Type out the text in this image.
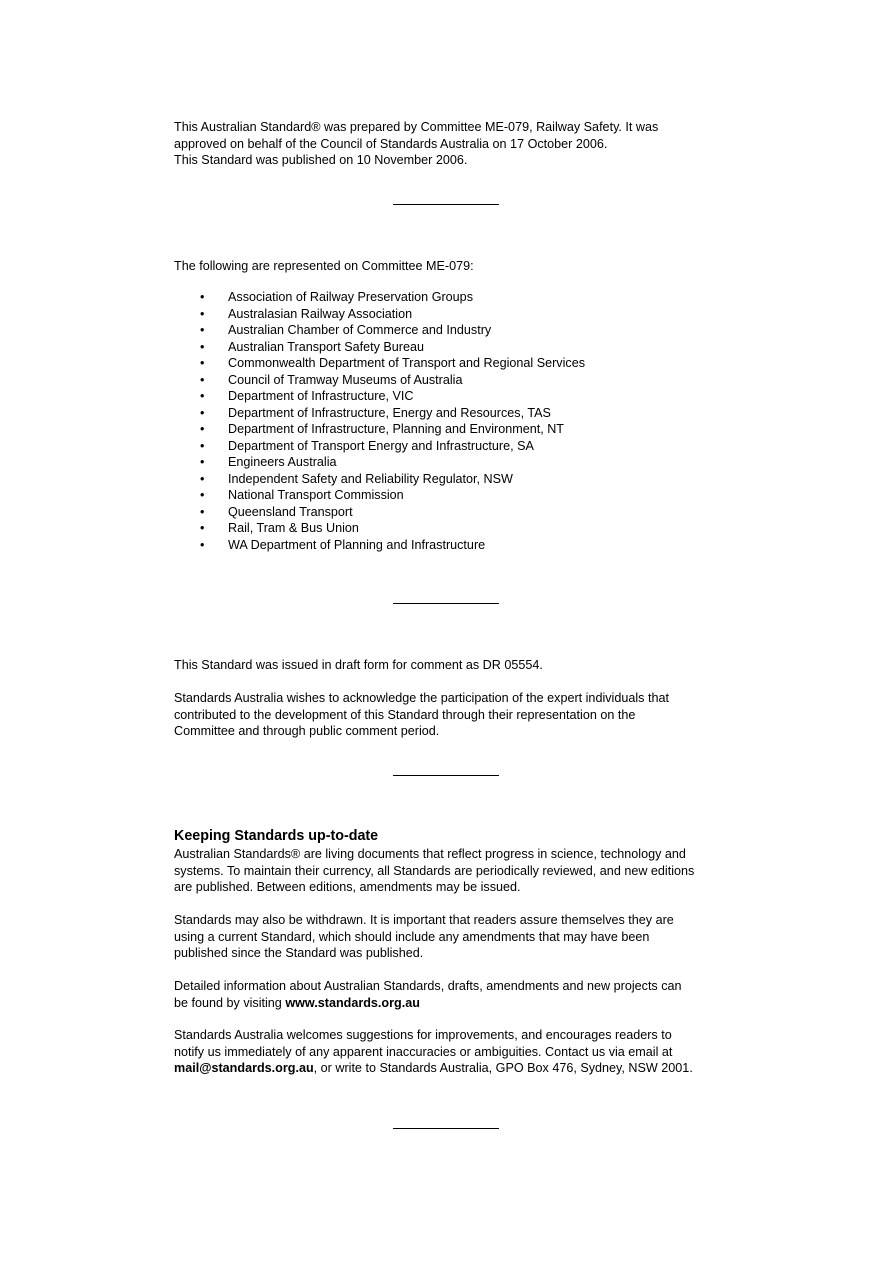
This Australian Standard® was prepared by Committee ME-079, Railway Safety. It was
approved on behalf of the Council of Standards Australia on 17 October 2006.
This Standard was published on 10 November 2006.
The following are represented on Committee ME-079:
• Association of Railway Preservation Groups
• Australasian Railway Association
• Australian Chamber of Commerce and Industry
• Australian Transport Safety Bureau
• Commonwealth Department of Transport and Regional Services
• Council of Tramway Museums of Australia
• Department of Infrastructure, VIC
• Department of Infrastructure, Energy and Resources, TAS
• Department of Infrastructure, Planning and Environment, NT
• Department of Transport Energy and Infrastructure, SA
• Engineers Australia
• Independent Safety and Reliability Regulator, NSW
• National Transport Commission
• Queensland Transport
• Rail, Tram & Bus Union
• WA Department of Planning and Infrastructure
This Standard was issued in draft form for comment as DR 05554.
Standards Australia wishes to acknowledge the participation of the expert individuals that
contributed to the development of this Standard through their representation on the
Committee and through public comment period.
Keeping Standards up-to-date
Australian Standards® are living documents that reflect progress in science, technology and
systems. To maintain their currency, all Standards are periodically reviewed, and new editions
are published. Between editions, amendments may be issued.
Standards may also be withdrawn. It is important that readers assure themselves they are
using a current Standard, which should include any amendments that may have been
published since the Standard was published.
Detailed information about Australian Standards, drafts, amendments and new projects can
be found by visiting www.standards.org.au
Standards Australia welcomes suggestions for improvements, and encourages readers to
notify us immediately of any apparent inaccuracies or ambiguities. Contact us via email at
mail@standards.org.au, or write to Standards Australia, GPO Box 476, Sydney, NSW 2001.
